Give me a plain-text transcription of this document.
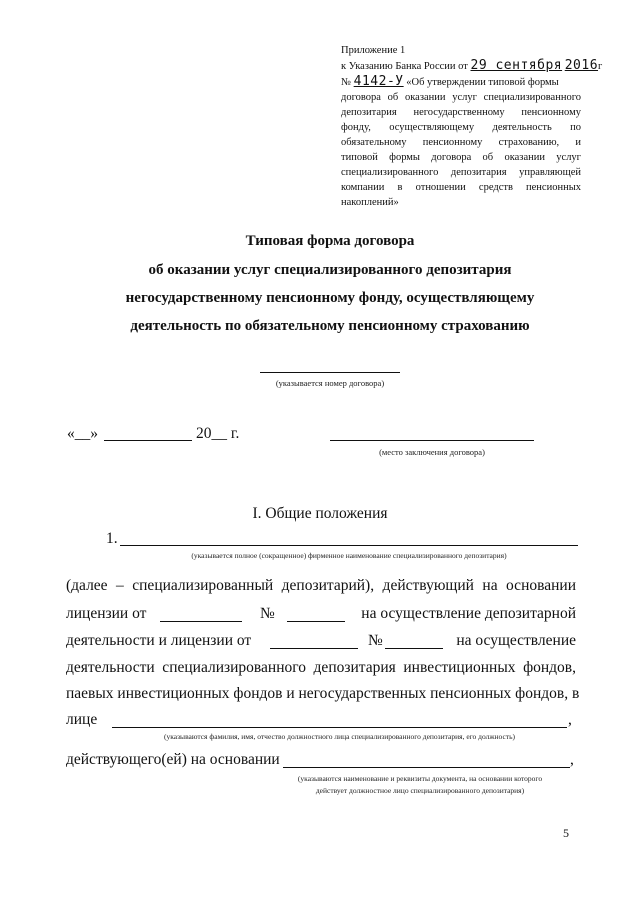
Приложение 1
к Указанию Банка России от 29 сентября 2016г
№ 4142-У «Об утверждении типовой формы
договора об оказании услуг специализированного
депозитария негосударственному пенсионному
фонду, осуществляющему деятельность по
обязательному пенсионному страхованию, и
типовой формы договора об оказании услуг
специализированного депозитария управляющей
компании в отношении средств пенсионных
накоплений»
Типовая форма договора
об оказании услуг специализированного депозитария
негосударственному пенсионному фонду, осуществляющему
деятельность по обязательному пенсионному страхованию
(указывается номер договора)
«__»	20__ г.
(место заключения договора)
I. Общие положения
1.
(указывается полное (сокращенное) фирменное наименование специализированного депозитария)
(далее – специализированный депозитарий), действующий на основании
лицензии от	№	на осуществление депозитарной
деятельности и лицензии от	№	на осуществление
деятельности специализированного депозитария инвестиционных фондов,
паевых инвестиционных фондов и негосударственных пенсионных фондов, в
лице	,
(указываются фамилия, имя, отчество должностного лица специализированного депозитария, его должность)
действующего(ей) на основании	,
(указываются наименование и реквизиты документа, на основании которого
действует должностное лицо специализированного депозитария)
5
